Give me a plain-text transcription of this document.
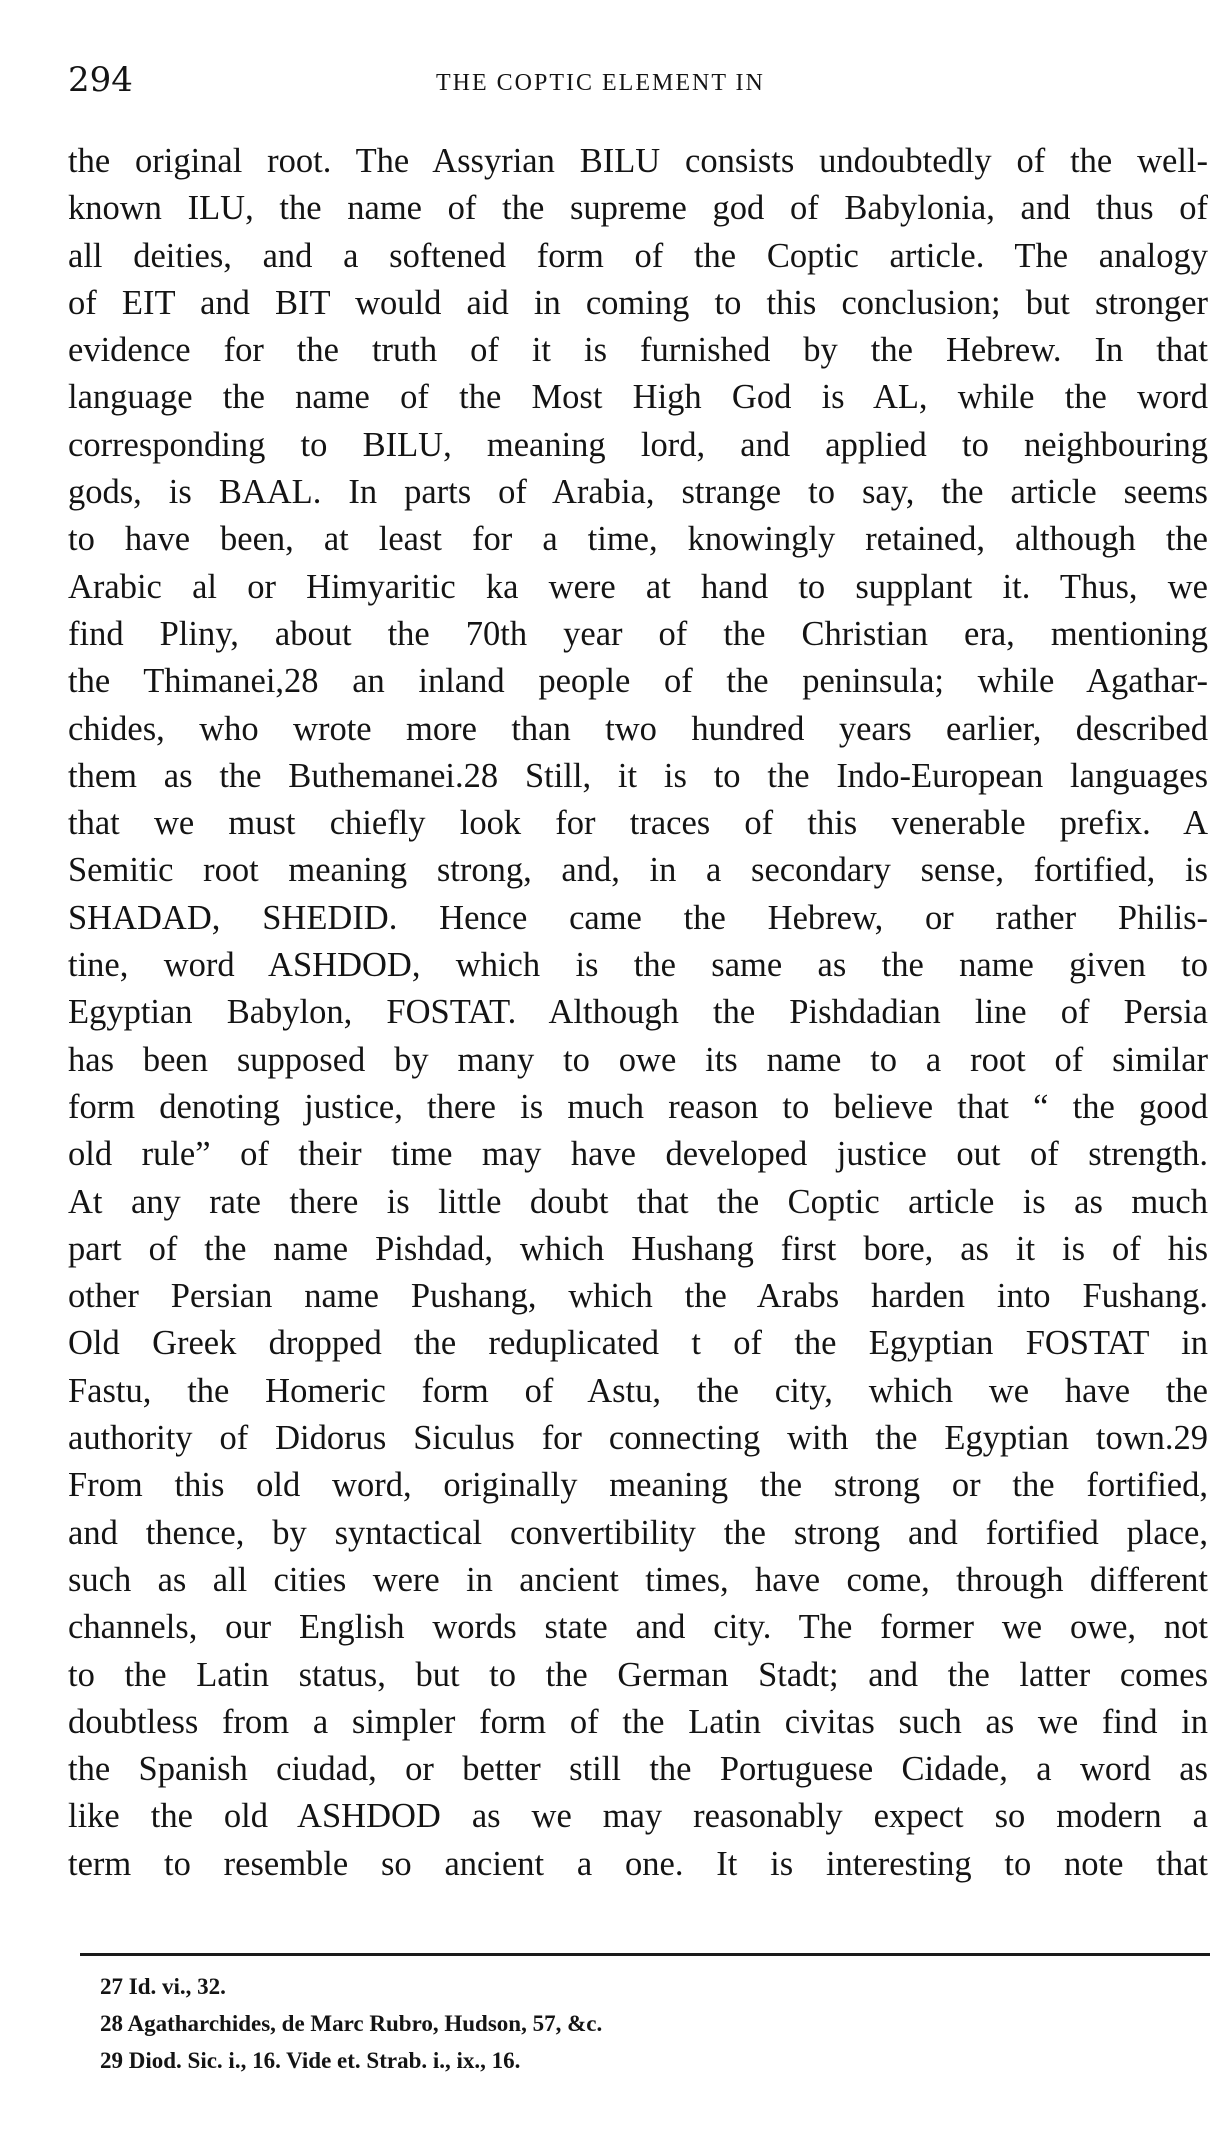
294	THE COPTIC ELEMENT IN
the original root. The Assyrian BILU consists undoubtedly of the well-
known ILU, the name of the supreme god of Babylonia, and thus of
all deities, and a softened form of the Coptic article. The analogy
of EIT and BIT would aid in coming to this conclusion; but stronger
evidence for the truth of it is furnished by the Hebrew. In that
language the name of the Most High God is AL, while the word
corresponding to BILU, meaning lord, and applied to neighbouring
gods, is BAAL. In parts of Arabia, strange to say, the article seems
to have been, at least for a time, knowingly retained, although the
Arabic al or Himyaritic ka were at hand to supplant it. Thus, we
find Pliny, about the 70th year of the Christian era, mentioning
the Thimanei,28 an inland people of the peninsula; while Agathar-
chides, who wrote more than two hundred years earlier, described
them as the Buthemanei.28 Still, it is to the Indo-European languages
that we must chiefly look for traces of this venerable prefix. A
Semitic root meaning strong, and, in a secondary sense, fortified, is
SHADAD, SHEDID. Hence came the Hebrew, or rather Philis-
tine, word ASHDOD, which is the same as the name given to
Egyptian Babylon, FOSTAT. Although the Pishdadian line of Persia
has been supposed by many to owe its name to a root of similar
form denoting justice, there is much reason to believe that “ the good
old rule” of their time may have developed justice out of strength.
At any rate there is little doubt that the Coptic article is as much
part of the name Pishdad, which Hushang first bore, as it is of his
other Persian name Pushang, which the Arabs harden into Fushang.
Old Greek dropped the reduplicated t of the Egyptian FOSTAT in
Fastu, the Homeric form of Astu, the city, which we have the
authority of Didorus Siculus for connecting with the Egyptian town.29
From this old word, originally meaning the strong or the fortified,
and thence, by syntactical convertibility the strong and fortified place,
such as all cities were in ancient times, have come, through different
channels, our English words state and city. The former we owe, not
to the Latin status, but to the German Stadt; and the latter comes
doubtless from a simpler form of the Latin civitas such as we find in
the Spanish ciudad, or better still the Portuguese Cidade, a word as
like the old ASHDOD as we may reasonably expect so modern a
term to resemble so ancient a one. It is interesting to note that
27 Id. vi., 32.
28 Agatharchides, de Marc Rubro, Hudson, 57, &c.
29 Diod. Sic. i., 16. Vide et. Strab. i., ix., 16.
